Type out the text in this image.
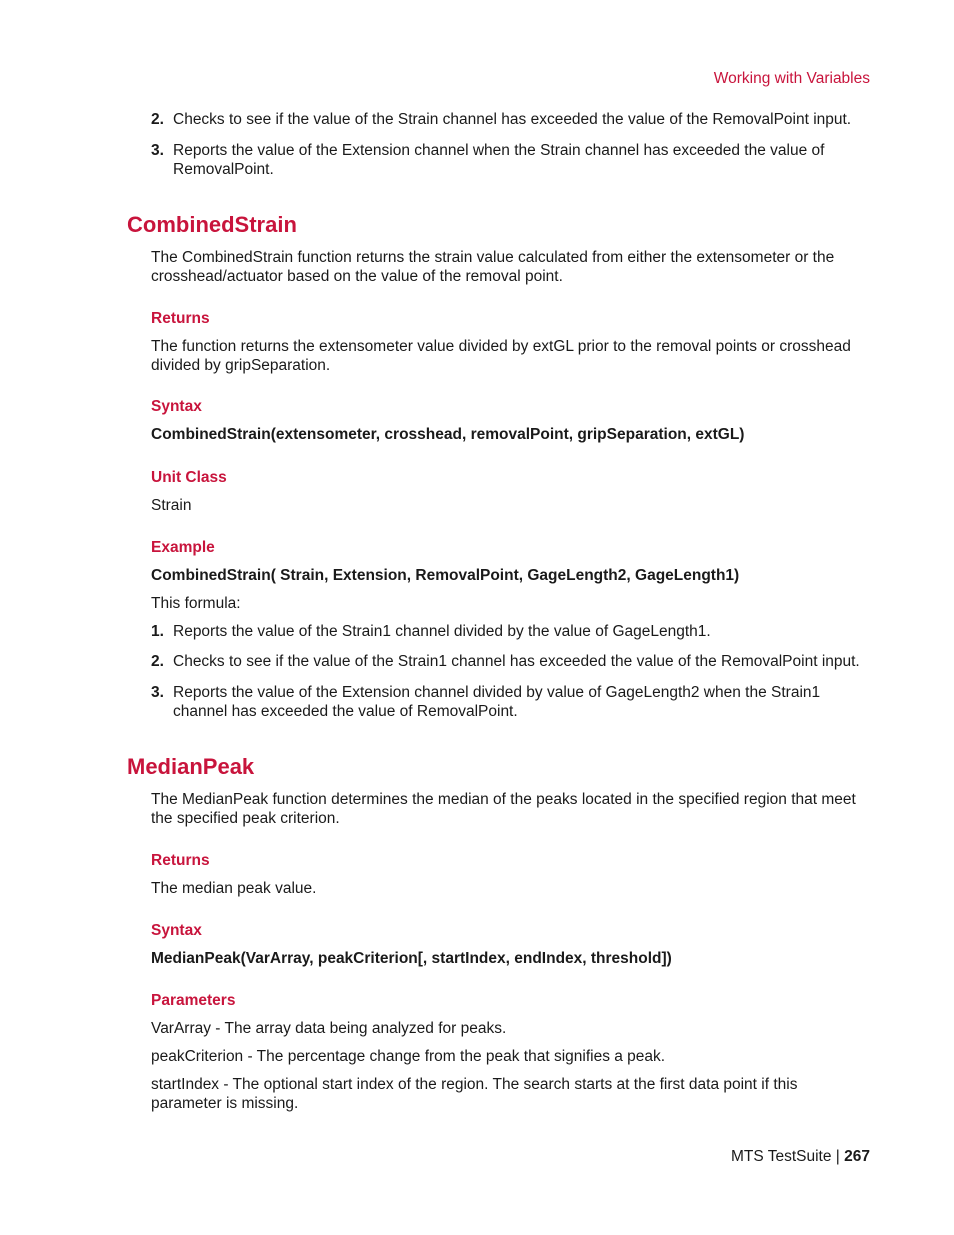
Working with Variables
2. Checks to see if the value of the Strain channel has exceeded the value of the RemovalPoint input.
3. Reports the value of the Extension channel when the Strain channel has exceeded the value of RemovalPoint.
CombinedStrain
The CombinedStrain function returns the strain value calculated from either the extensometer or the crosshead/actuator based on the value of the removal point.
Returns
The function returns the extensometer value divided by extGL prior to the removal points or crosshead divided by gripSeparation.
Syntax
CombinedStrain(extensometer, crosshead, removalPoint, gripSeparation, extGL)
Unit Class
Strain
Example
CombinedStrain( Strain, Extension, RemovalPoint, GageLength2, GageLength1)
This formula:
1. Reports the value of the Strain1 channel divided by the value of GageLength1.
2. Checks to see if the value of the Strain1 channel has exceeded the value of the RemovalPoint input.
3. Reports the value of the Extension channel divided by value of GageLength2 when the Strain1 channel has exceeded the value of RemovalPoint.
MedianPeak
The MedianPeak function determines the median of the peaks located in the specified region that meet the specified peak criterion.
Returns
The median peak value.
Syntax
MedianPeak(VarArray, peakCriterion[, startIndex, endIndex, threshold])
Parameters
VarArray - The array data being analyzed for peaks.
peakCriterion - The percentage change from the peak that signifies a peak.
startIndex - The optional start index of the region. The search starts at the first data point if this parameter is missing.
MTS TestSuite | 267
